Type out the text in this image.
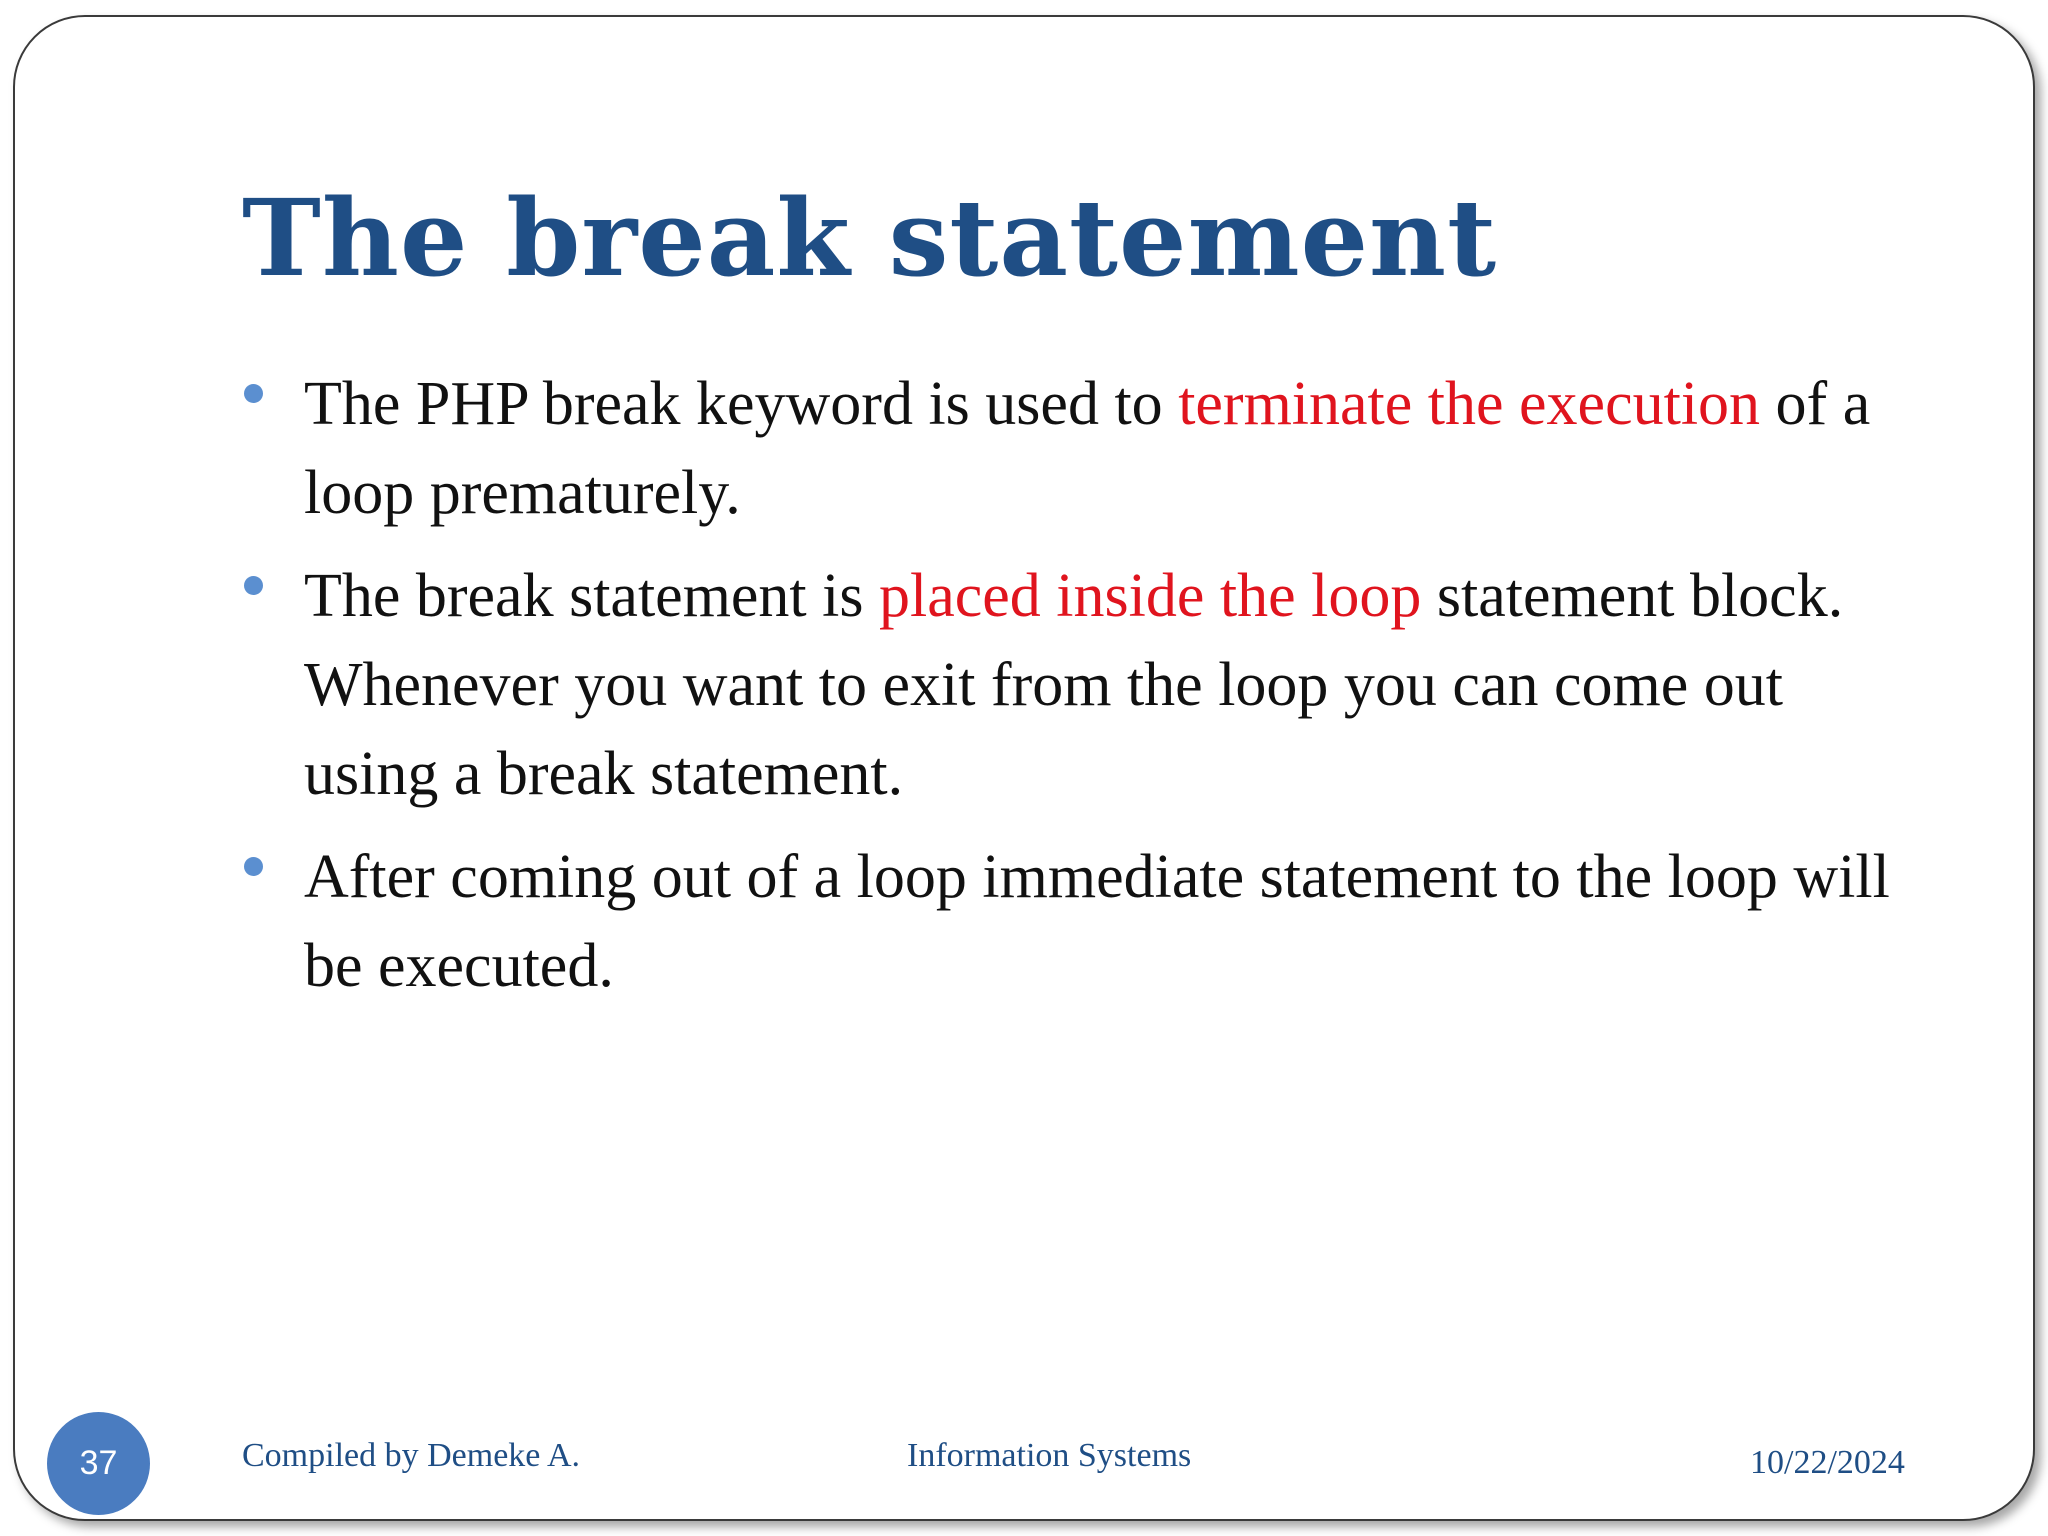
The break statement
The PHP break keyword is used to terminate the execution of a loop prematurely.
The break statement is placed inside the loop statement block. Whenever you want to exit from the loop you can come out using a break statement.
After coming out of a loop immediate statement to the loop will be executed.
37	Compiled by Demeke A.	Information Systems	10/22/2024
